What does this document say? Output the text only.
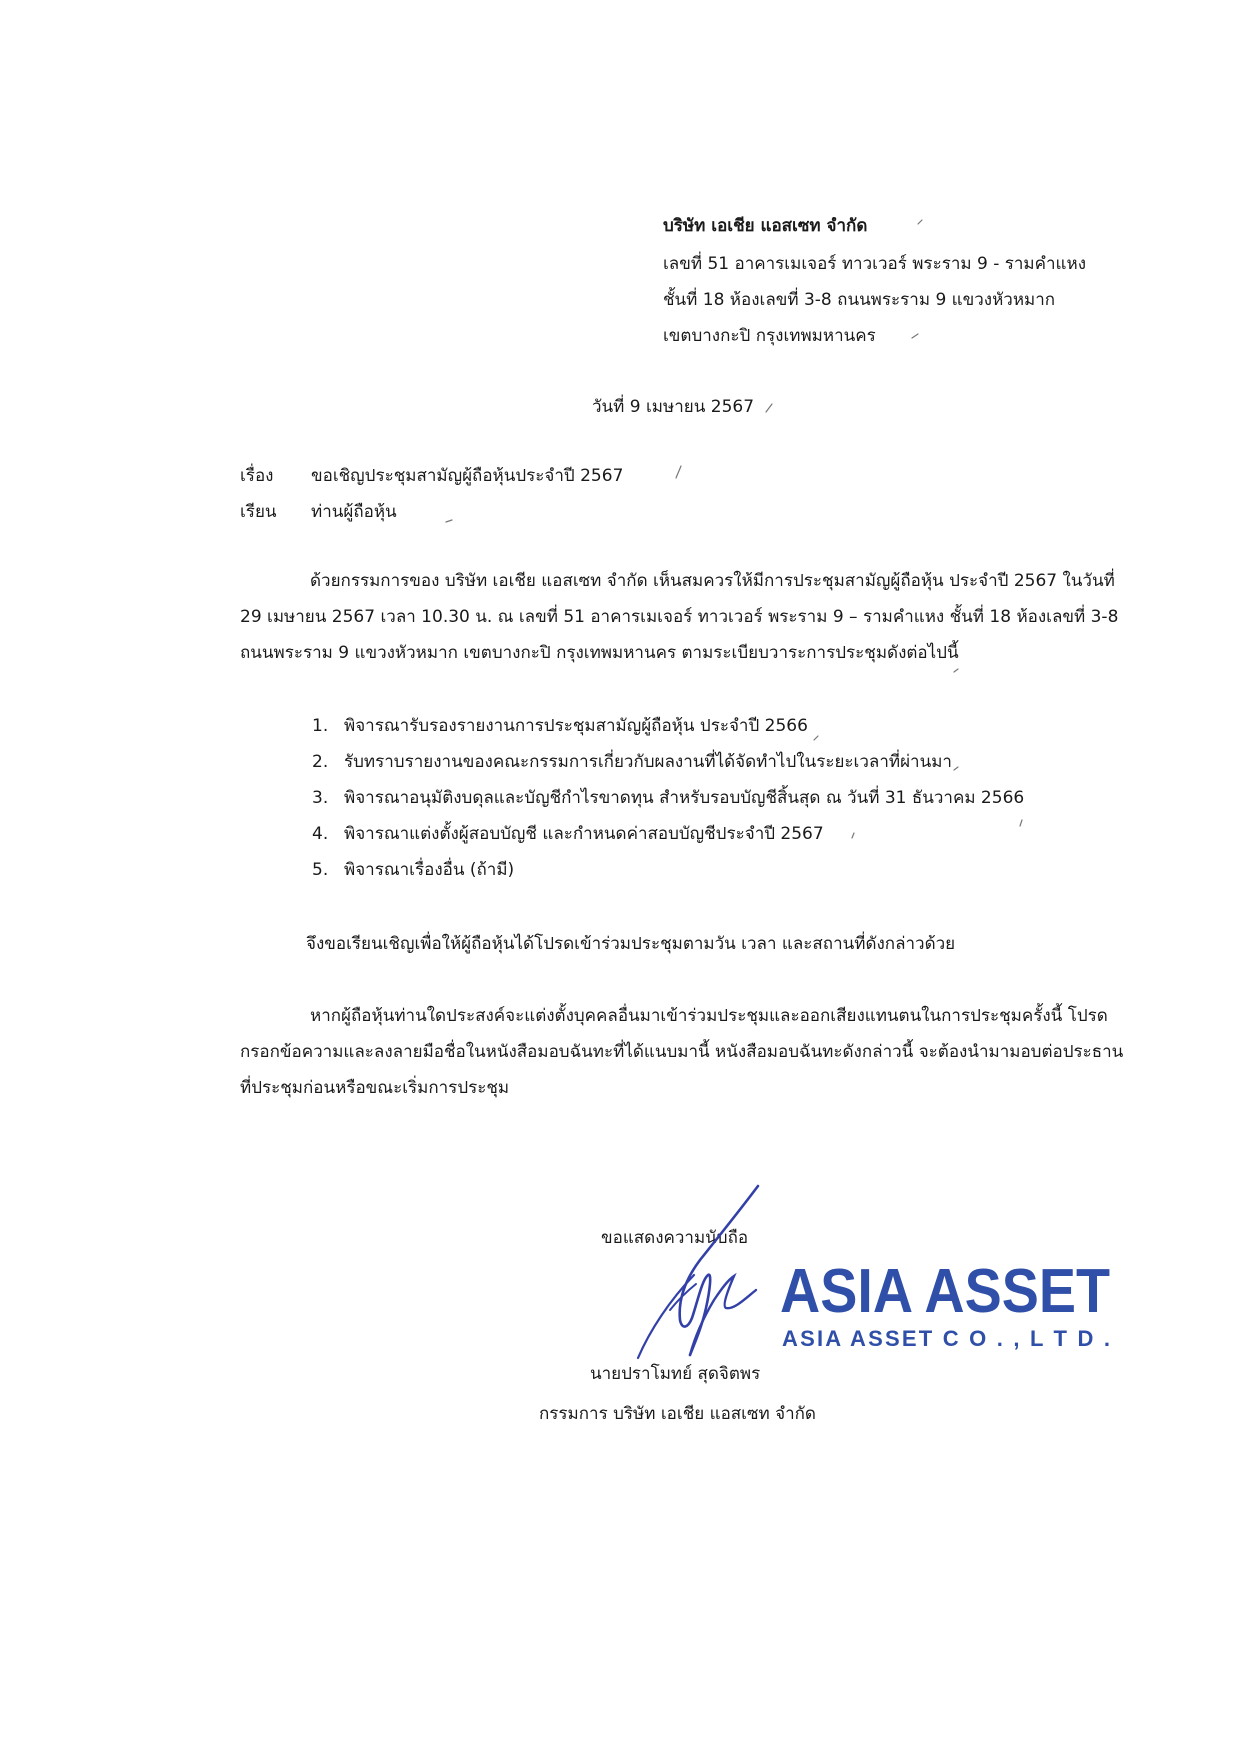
บริษัท เอเชีย แอสเซท จำกัด
เลขที่ 51 อาคารเมเจอร์ ทาวเวอร์ พระราม 9 - รามคำแหง
ชั้นที่ 18 ห้องเลขที่ 3-8 ถนนพระราม 9 แขวงหัวหมาก
เขตบางกะปิ กรุงเทพมหานคร
วันที่ 9 เมษายน 2567
เรื่อง ขอเชิญประชุมสามัญผู้ถือหุ้นประจำปี 2567
เรียน ท่านผู้ถือหุ้น
ด้วยกรรมการของ บริษัท เอเชีย แอสเซท จำกัด เห็นสมควรให้มีการประชุมสามัญผู้ถือหุ้น ประจำปี 2567 ในวันที่
29 เมษายน 2567 เวลา 10.30 น. ณ เลขที่ 51 อาคารเมเจอร์ ทาวเวอร์ พระราม 9 – รามคำแหง ชั้นที่ 18 ห้องเลขที่ 3-8
ถนนพระราม 9 แขวงหัวหมาก เขตบางกะปิ กรุงเทพมหานคร ตามระเบียบวาระการประชุมดังต่อไปนี้
1. พิจารณารับรองรายงานการประชุมสามัญผู้ถือหุ้น ประจำปี 2566
2. รับทราบรายงานของคณะกรรมการเกี่ยวกับผลงานที่ได้จัดทำไปในระยะเวลาที่ผ่านมา
3. พิจารณาอนุมัติงบดุลและบัญชีกำไรขาดทุน สำหรับรอบบัญชีสิ้นสุด ณ วันที่ 31 ธันวาคม 2566
4. พิจารณาแต่งตั้งผู้สอบบัญชี และกำหนดค่าสอบบัญชีประจำปี 2567
5. พิจารณาเรื่องอื่น (ถ้ามี)
จึงขอเรียนเชิญเพื่อให้ผู้ถือหุ้นได้โปรดเข้าร่วมประชุมตามวัน เวลา และสถานที่ดังกล่าวด้วย
หากผู้ถือหุ้นท่านใดประสงค์จะแต่งตั้งบุคคลอื่นมาเข้าร่วมประชุมและออกเสียงแทนตนในการประชุมครั้งนี้ โปรด
กรอกข้อความและลงลายมือชื่อในหนังสือมอบฉันทะที่ได้แนบมานี้ หนังสือมอบฉันทะดังกล่าวนี้ จะต้องนำมามอบต่อประธาน
ที่ประชุมก่อนหรือขณะเริ่มการประชุม
ขอแสดงความนับถือ
ASIA ASSET
ASIA ASSET C O . , L T D .
นายปราโมทย์ สุดจิตพร
กรรมการ บริษัท เอเชีย แอสเซท จำกัด
